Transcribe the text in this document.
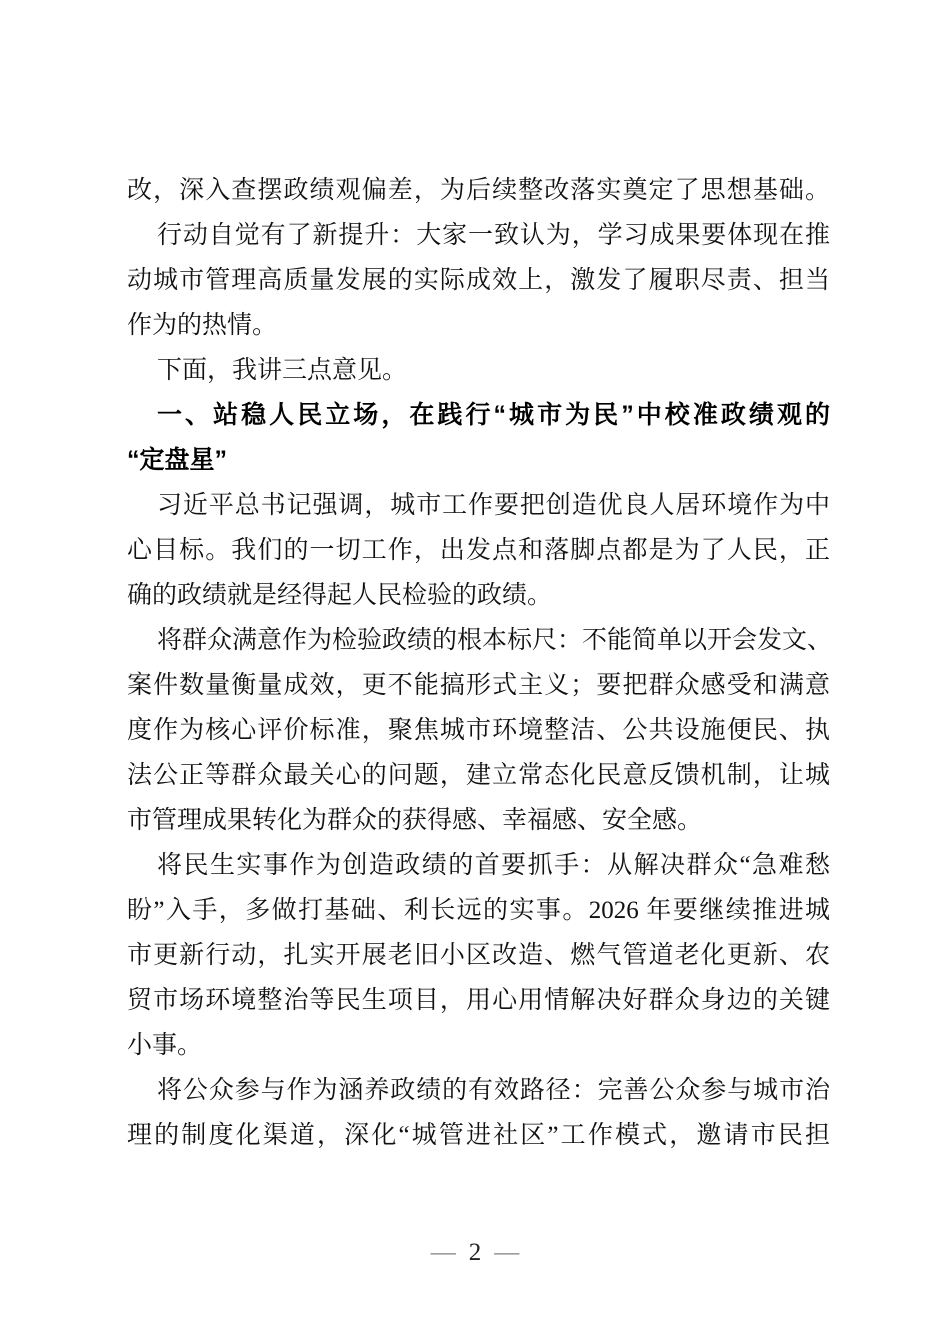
改，深入查摆政绩观偏差，为后续整改落实奠定了思想基础。
行动自觉有了新提升：大家一致认为，学习成果要体现在推
动城市管理高质量发展的实际成效上，激发了履职尽责、担当
作为的热情。
下面，我讲三点意见。
一、站稳人民立场，在践行“城市为民”中校准政绩观的
“定盘星”
习近平总书记强调，城市工作要把创造优良人居环境作为中
心目标。我们的一切工作，出发点和落脚点都是为了人民，正
确的政绩就是经得起人民检验的政绩。
将群众满意作为检验政绩的根本标尺：不能简单以开会发文、
案件数量衡量成效，更不能搞形式主义；要把群众感受和满意
度作为核心评价标准，聚焦城市环境整洁、公共设施便民、执
法公正等群众最关心的问题，建立常态化民意反馈机制，让城
市管理成果转化为群众的获得感、幸福感、安全感。
将民生实事作为创造政绩的首要抓手：从解决群众“急难愁
盼”入手，多做打基础、利长远的实事。2026 年要继续推进城
市更新行动，扎实开展老旧小区改造、燃气管道老化更新、农
贸市场环境整治等民生项目，用心用情解决好群众身边的关键
小事。
将公众参与作为涵养政绩的有效路径：完善公众参与城市治
理的制度化渠道，深化“城管进社区”工作模式，邀请市民担
— 2 —
